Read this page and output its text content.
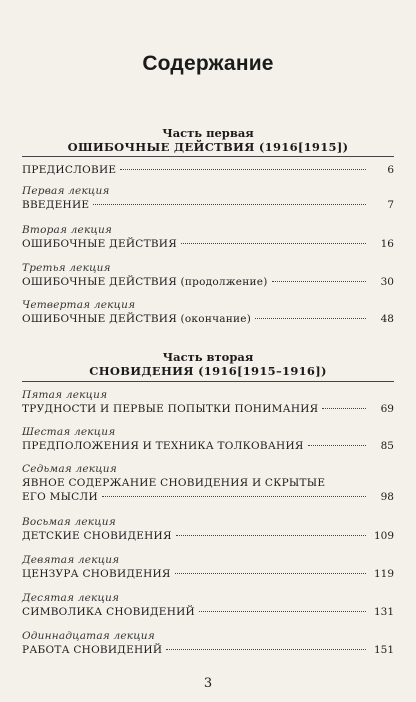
Содержание
Часть первая
ОШИБОЧНЫЕ ДЕЙСТВИЯ (1916[1915])
ПРЕДИСЛОВИЕ	6
Первая лекция
ВВЕДЕНИЕ	7
Вторая лекция
ОШИБОЧНЫЕ ДЕЙСТВИЯ	16
Третья лекция
ОШИБОЧНЫЕ ДЕЙСТВИЯ (продолжение)	30
Четвертая лекция
ОШИБОЧНЫЕ ДЕЙСТВИЯ (окончание)	48
Часть вторая
СНОВИДЕНИЯ (1916[1915–1916])
Пятая лекция
ТРУДНОСТИ И ПЕРВЫЕ ПОПЫТКИ ПОНИМАНИЯ	69
Шестая лекция
ПРЕДПОЛОЖЕНИЯ И ТЕХНИКА ТОЛКОВАНИЯ	85
Седьмая лекция
ЯВНОЕ СОДЕРЖАНИЕ СНОВИДЕНИЯ И СКРЫТЫЕ
ЕГО МЫСЛИ	98
Восьмая лекция
ДЕТСКИЕ СНОВИДЕНИЯ	109
Девятая лекция
ЦЕНЗУРА СНОВИДЕНИЯ	119
Десятая лекция
СИМВОЛИКА СНОВИДЕНИЙ	131
Одиннадцатая лекция
РАБОТА СНОВИДЕНИЙ	151
3
